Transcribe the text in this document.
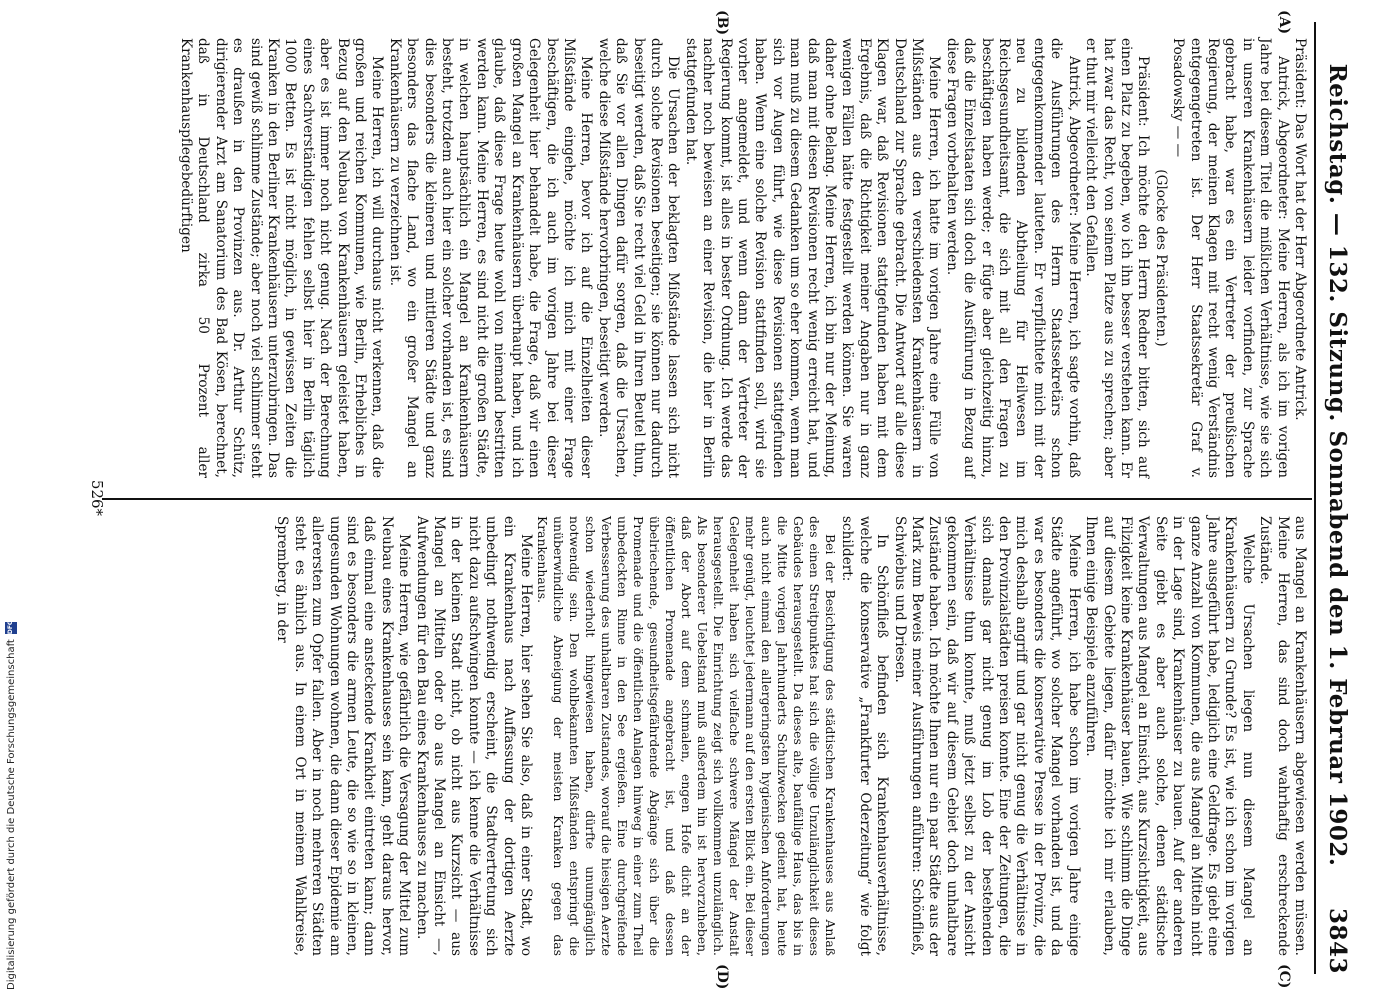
Reichstag. — 132. Sitzung. Sonnabend den 1. Februar 1902.
3843
(A)
(B)
(C)
(D)

Präsident: Das Wort hat der Herr Abgeordnete Antrick.

Antrick, Abgeordneter: Meine Herren, als ich im vorigen Jahre bei diesem Titel die mißlichen Verhältnisse, wie sie sich in unseren Krankenhäusern leider vorfinden, zur Sprache gebracht habe, war es ein Vertreter der preußischen Regierung, der meinen Klagen mit recht wenig Verständnis entgegengetreten ist. Der Herr Staatssekretär Graf v. Posadowsky — —

(Glocke des Präsidenten.)

Präsident: Ich möchte den Herrn Redner bitten, sich auf einen Platz zu begeben, wo ich ihn besser verstehen kann. Er hat zwar das Recht, von seinem Platze aus zu sprechen; aber er thut mir vielleicht den Gefallen.

Antrick, Abgeordneter: Meine Herren, ich sagte vorhin, daß die Ausführungen des Herrn Staatssekretärs schon entgegenkommender lauteten. Er verpflichtete mich mit der neu zu bildenden Abtheilung für Heilwesen im Reichsgesundheitsamt, die sich mit all den Fragen zu beschäftigen haben werde; er fügte aber gleichzeitig hinzu, daß die Einzelstaaten sich doch die Ausführung in Bezug auf diese Fragen vorbehalten werden.

Meine Herren, ich hatte im vorigen Jahre eine Fülle von Mißständen aus den verschiedensten Krankenhäusern in Deutschland zur Sprache gebracht. Die Antwort auf alle diese Klagen war, daß Revisionen stattgefunden haben mit dem Ergebnis, daß die Richtigkeit meiner Angaben nur in ganz wenigen Fällen hätte festgestellt werden können. Sie waren daher ohne Belang. Meine Herren, ich bin nur der Meinung, daß man mit diesen Revisionen recht wenig erreicht hat, und man muß zu diesem Gedanken um so eher kommen, wenn man sich vor Augen führt, wie diese Revisionen stattgefunden haben. Wenn eine solche Revision stattfinden soll, wird sie vorher angemeldet, und wenn dann der Vertreter der Regierung kommt, ist alles in bester Ordnung. Ich werde das nachher noch beweisen an einer Revision, die hier in Berlin stattgefunden hat.

Die Ursachen der beklagten Mißstände lassen sich nicht durch solche Revisionen beseitigen; sie können nur dadurch beseitigt werden, daß Sie recht viel Geld in Ihren Beutel thun, daß Sie vor allen Dingen dafür sorgen, daß die Ursachen, welche diese Mißstände hervorbringen, beseitigt werden.

Meine Herren, bevor ich auf die Einzelheiten dieser Mißstände eingehe, möchte ich mich mit einer Frage beschäftigen, die ich auch im vorigen Jahre bei dieser Gelegenheit hier behandelt habe, die Frage, daß wir einen großen Mangel an Krankenhäusern überhaupt haben, und ich glaube, daß diese Frage heute wohl von niemand bestritten werden kann. Meine Herren, es sind nicht die großen Städte, in welchen hauptsächlich ein Mangel an Krankenhäusern besteht, trotzdem auch hier ein solcher vorhanden ist, es sind dies besonders die kleineren und mittleren Städte und ganz besonders das flache Land, wo ein großer Mangel an Krankenhäusern zu verzeichnen ist.

Meine Herren, ich will durchaus nicht verkennen, daß die großen und reichen Kommunen, wie Berlin, Erhebliches in Bezug auf den Neubau von Krankenhäusern geleistet haben, aber es ist immer noch nicht genug. Nach der Berechnung eines Sachverständigen fehlen selbst hier in Berlin täglich 1000 Betten. Es ist nicht möglich, in gewissen Zeiten die Kranken in den Berliner Krankenhäusern unterzubringen. Das sind gewiß schlimme Zustände; aber noch viel schlimmer steht es draußen in den Provinzen aus. Dr. Arthur Schütz, dirigierender Arzt am Sanatorium des Bad Kösen, berechnet, daß in Deutschland zirka 50 Prozent aller Krankenhauspflegebedürftigen

aus Mangel an Krankenhäusern abgewiesen werden müssen. Meine Herren, das sind doch wahrhaftig erschreckende Zustände.

Welche Ursachen liegen nun diesem Mangel an Krankenhäusern zu Grunde? Es ist, wie ich schon im vorigen Jahre ausgeführt habe, lediglich eine Geldfrage. Es giebt eine ganze Anzahl von Kommunen, die aus Mangel an Mitteln nicht in der Lage sind, Krankenhäuser zu bauen. Auf der anderen Seite giebt es aber auch solche, denen städtische Verwaltungen aus Mangel an Einsicht, aus Kurzsichtigkeit, aus Filzigkeit keine Krankenhäuser bauen. Wie schlimm die Dinge auf diesem Gebiete liegen, dafür möchte ich mir erlauben, Ihnen einige Beispiele anzuführen.

Meine Herren, ich habe schon im vorigen Jahre einige Städte angeführt, wo solcher Mangel vorhanden ist, und da war es besonders die konservative Presse in der Provinz, die mich deshalb angriff und gar nicht genug die Verhältnisse in den Provinzialstädten preisen konnte. Eine der Zeitungen, die sich damals gar nicht genug im Lob der bestehenden Verhältnisse thun konnte, muß jetzt selbst zu der Ansicht gekommen sein, daß wir auf diesem Gebiet doch unhaltbare Zustände haben. Ich möchte Ihnen nur ein paar Städte aus der Mark zum Beweis meiner Ausführungen anführen: Schönfließ, Schwiebus und Driesen.

In Schönfließ befinden sich Krankenhausverhältnisse, welche die konservative „Frankfurter Oderzeitung“ wie folgt schildert:

Bei der Besichtigung des städtischen Krankenhauses aus Anlaß des einen Streitpunktes hat sich die völlige Unzulänglichkeit dieses Gebäudes herausgestellt. Da dieses alte, baufällige Haus, das bis in die Mitte vorigen Jahrhunderts Schulzwecken gedient hat, heute auch nicht einmal den allergeringsten hygienischen Anforderungen mehr genügt, leuchtet jedermann auf den ersten Blick ein. Bei dieser Gelegenheit haben sich vielfache schwere Mängel der Anstalt herausgestellt. Die Einrichtung zeigt sich vollkommen unzulänglich. Als besonderer Uebelstand muß außerdem hin ist hervorzuheben, daß der Abort auf dem schmalen, engen Hofe dicht an der öffentlichen Promenade angebracht ist, und daß dessen übelriechende, gesundheitsgefährdende Abgänge sich über die Promenade und die öffentlichen Anlagen hinweg in einer zum Theil unbedeckten Rinne in den See ergießen. Eine durchgreifende Verbesserung des unhaltbaren Zustandes, worauf die hiesigen Aerzte schon wiederholt hingewiesen haben, dürfte unumgänglich notwendig sein. Den wohlbekannten Mißständen entspringt die unüberwindliche Abneigung der meisten Kranken gegen das Krankenhaus.

Meine Herren, hier sehen Sie also, daß in einer Stadt, wo ein Krankenhaus nach Auffassung der dortigen Aerzte unbedingt nothwendig erscheint, die Stadtvertretung sich nicht dazu aufschwingen konnte — ich kenne die Verhältnisse in der kleinen Stadt nicht, ob nicht aus Kurzsicht — aus Mangel an Mitteln oder ob aus Mangel an Einsicht —, Aufwendungen für den Bau eines Krankenhauses zu machen.

Meine Herren, wie gefährlich die Versagung der Mittel zum Neubau eines Krankenhauses sein kann, geht daraus hervor, daß einmal eine ansteckende Krankheit eintreten kann; dann sind es besonders die armen Leute, die so wie so in kleinen, ungesunden Wohnungen wohnen, die dann dieser Epidemie am allerersten zum Opfer fallen. Aber in noch mehreren Städten steht es ähnlich aus. In einem Ort in meinem Wahlkreise, Spremberg, in der

526*
Digitalisierung gefördert durch die Deutsche Forschungsgemeinschaft
DFG
